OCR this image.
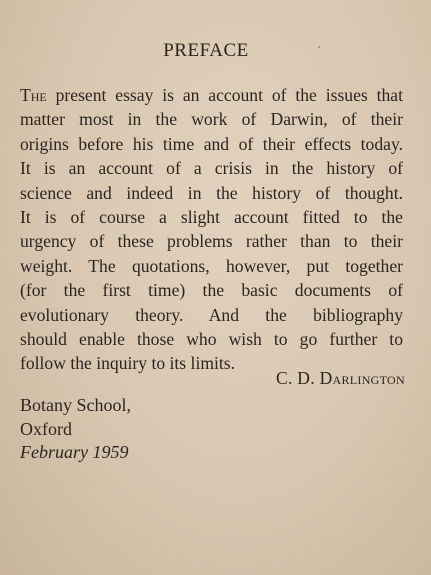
PREFACE
The present essay is an account of the issues that
matter most in the work of Darwin, of their
origins before his time and of their effects today.
It is an account of a crisis in the history of
science and indeed in the history of thought.
It is of course a slight account fitted to the
urgency of these problems rather than to their
weight. The quotations, however, put together
(for the first time) the basic documents of
evolutionary theory. And the bibliography
should enable those who wish to go further to
follow the inquiry to its limits.
C. D. Darlington
Botany School,
Oxford
February 1959
